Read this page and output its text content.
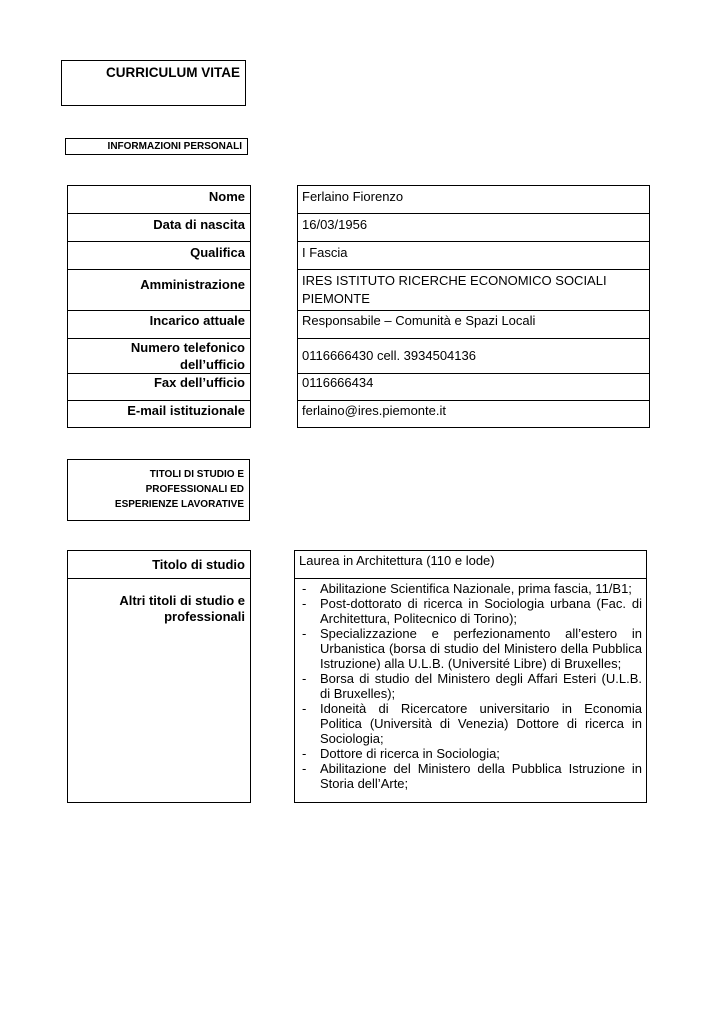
CURRICULUM VITAE
INFORMAZIONI PERSONALI
Nome
Data di nascita
Qualifica
Amministrazione
Incarico attuale
Numero telefonico
dell’ufficio
Fax dell’ufficio
E-mail istituzionale
Ferlaino Fiorenzo
16/03/1956
I Fascia
IRES ISTITUTO RICERCHE ECONOMICO SOCIALI
PIEMONTE
Responsabile – Comunità e Spazi Locali
0116666430 cell. 3934504136
0116666434
ferlaino@ires.piemonte.it
TITOLI DI STUDIO E
PROFESSIONALI ED
ESPERIENZE LAVORATIVE
Titolo di studio
Altri titoli di studio e
professionali
Laurea in Architettura (110 e lode)
- Abilitazione Scientifica Nazionale, prima fascia, 11/B1;
- Post-dottorato di ricerca in Sociologia urbana (Fac. di Architettura, Politecnico di Torino);
- Specializzazione e perfezionamento all’estero in Urbanistica (borsa di studio del Ministero della Pubblica Istruzione) alla U.L.B. (Université Libre) di Bruxelles;
- Borsa di studio del Ministero degli Affari Esteri (U.L.B. di Bruxelles);
- Idoneità di Ricercatore universitario in Economia Politica (Università di Venezia) Dottore di ricerca in Sociologia;
- Dottore di ricerca in Sociologia;
- Abilitazione del Ministero della Pubblica Istruzione in Storia dell’Arte;
